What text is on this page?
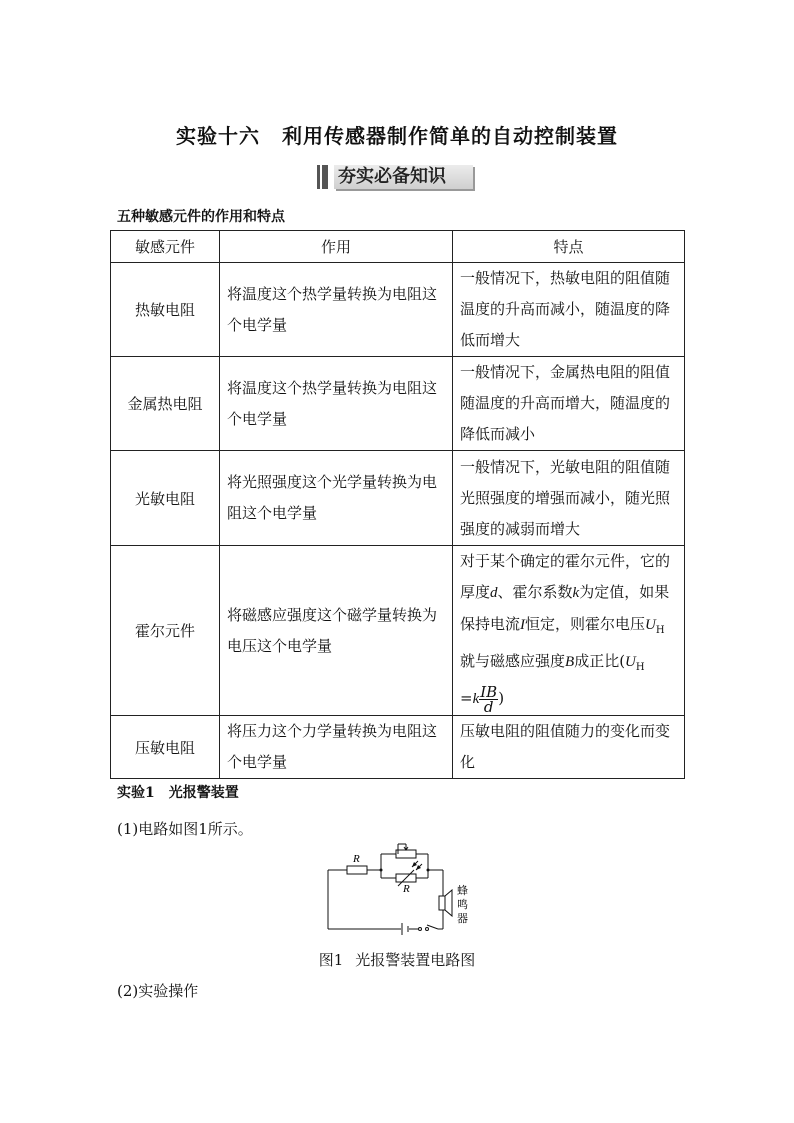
实验十六 利用传感器制作简单的自动控制装置
夯实必备知识
五种敏感元件的作用和特点
敏感元件	作用	特点
热敏电阻	将温度这个热学量转换为电阻这个电学量	一般情况下，热敏电阻的阻值随温度的升高而减小，随温度的降低而增大
金属热电阻	将温度这个热学量转换为电阻这个电学量	一般情况下，金属热电阻的阻值随温度的升高而增大，随温度的降低而减小
光敏电阻	将光照强度这个光学量转换为电阻这个电学量	一般情况下，光敏电阻的阻值随光照强度的增强而减小，随光照强度的减弱而增大
霍尔元件	将磁感应强度这个磁学量转换为电压这个电学量	对于某个确定的霍尔元件，它的厚度d、霍尔系数k为定值，如果保持电流I恒定，则霍尔电压$U_H$就与磁感应强度B成正比($U_H$
$=k \frac{IB}{d}$ )
压敏电阻	将压力这个力学量转换为电阻这个电学量	压敏电阻的阻值随力的变化而变化
实验1 光报警装置
(1)电路如图1所示。
R
R	蜂
鸣
器
图1 光报警装置电路图
(2)实验操作
